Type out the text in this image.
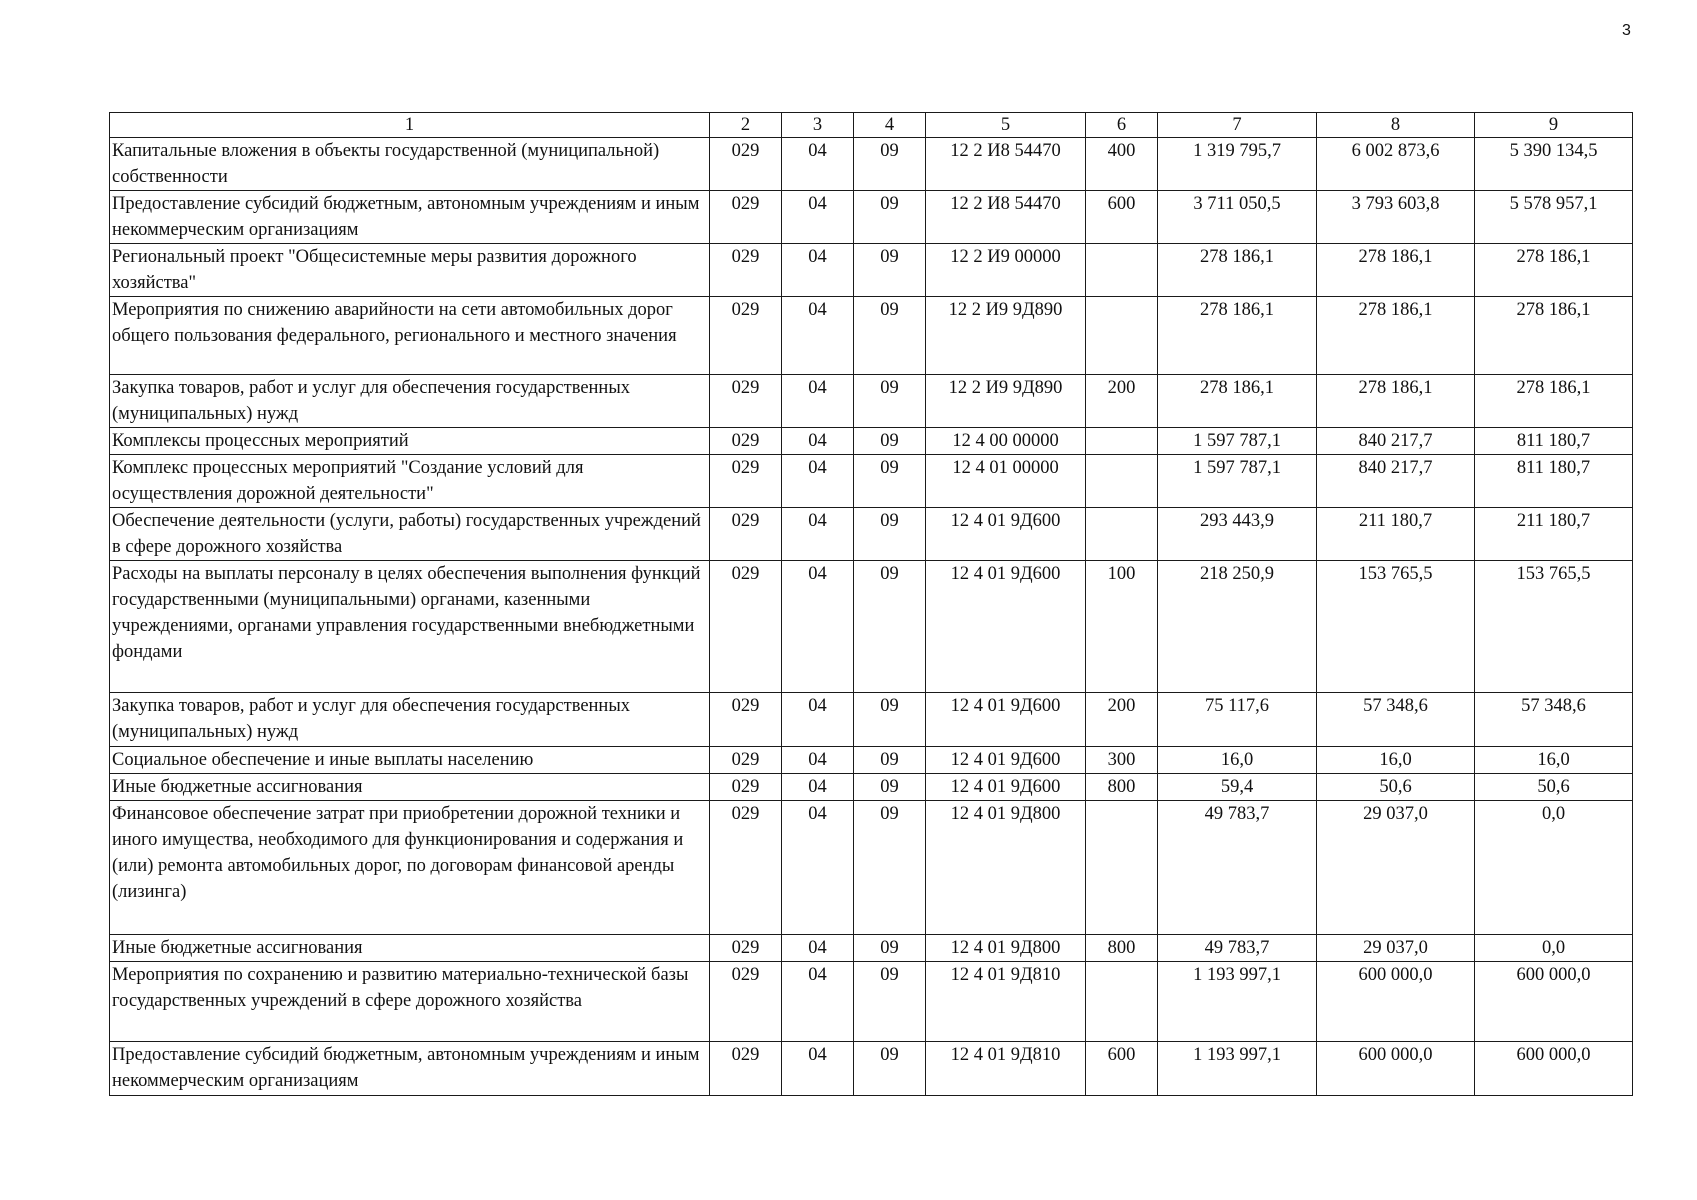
3
1	2	3	4	5	6	7	8	9
Капитальные вложения в объекты государственной (муниципальной) собственности	029	04	09	12 2 И8 54470	400	1 319 795,7	6 002 873,6	5 390 134,5
Предоставление субсидий бюджетным, автономным учреждениям и иным некоммерческим организациям	029	04	09	12 2 И8 54470	600	3 711 050,5	3 793 603,8	5 578 957,1
Региональный проект "Общесистемные меры развития дорожного хозяйства"	029	04	09	12 2 И9 00000		278 186,1	278 186,1	278 186,1
Мероприятия по снижению аварийности на сети автомобильных дорог общего пользования федерального, регионального и местного значения	029	04	09	12 2 И9 9Д890		278 186,1	278 186,1	278 186,1
Закупка товаров, работ и услуг для обеспечения государственных (муниципальных) нужд	029	04	09	12 2 И9 9Д890	200	278 186,1	278 186,1	278 186,1
Комплексы процессных мероприятий	029	04	09	12 4 00 00000		1 597 787,1	840 217,7	811 180,7
Комплекс процессных мероприятий "Создание условий для осуществления дорожной деятельности"	029	04	09	12 4 01 00000		1 597 787,1	840 217,7	811 180,7
Обеспечение деятельности (услуги, работы) государственных учреждений в сфере дорожного хозяйства	029	04	09	12 4 01 9Д600		293 443,9	211 180,7	211 180,7
Расходы на выплаты персоналу в целях обеспечения выполнения функций государственными (муниципальными) органами, казенными учреждениями, органами управления государственными внебюджетными фондами	029	04	09	12 4 01 9Д600	100	218 250,9	153 765,5	153 765,5
Закупка товаров, работ и услуг для обеспечения государственных (муниципальных) нужд	029	04	09	12 4 01 9Д600	200	75 117,6	57 348,6	57 348,6
Социальное обеспечение и иные выплаты населению	029	04	09	12 4 01 9Д600	300	16,0	16,0	16,0
Иные бюджетные ассигнования	029	04	09	12 4 01 9Д600	800	59,4	50,6	50,6
Финансовое обеспечение затрат при приобретении дорожной техники и иного имущества, необходимого для функционирования и содержания и (или) ремонта автомобильных дорог, по договорам финансовой аренды (лизинга)	029	04	09	12 4 01 9Д800		49 783,7	29 037,0	0,0
Иные бюджетные ассигнования	029	04	09	12 4 01 9Д800	800	49 783,7	29 037,0	0,0
Мероприятия по сохранению и развитию материально-технической базы государственных учреждений в сфере дорожного хозяйства	029	04	09	12 4 01 9Д810		1 193 997,1	600 000,0	600 000,0
Предоставление субсидий бюджетным, автономным учреждениям и иным некоммерческим организациям	029	04	09	12 4 01 9Д810	600	1 193 997,1	600 000,0	600 000,0
